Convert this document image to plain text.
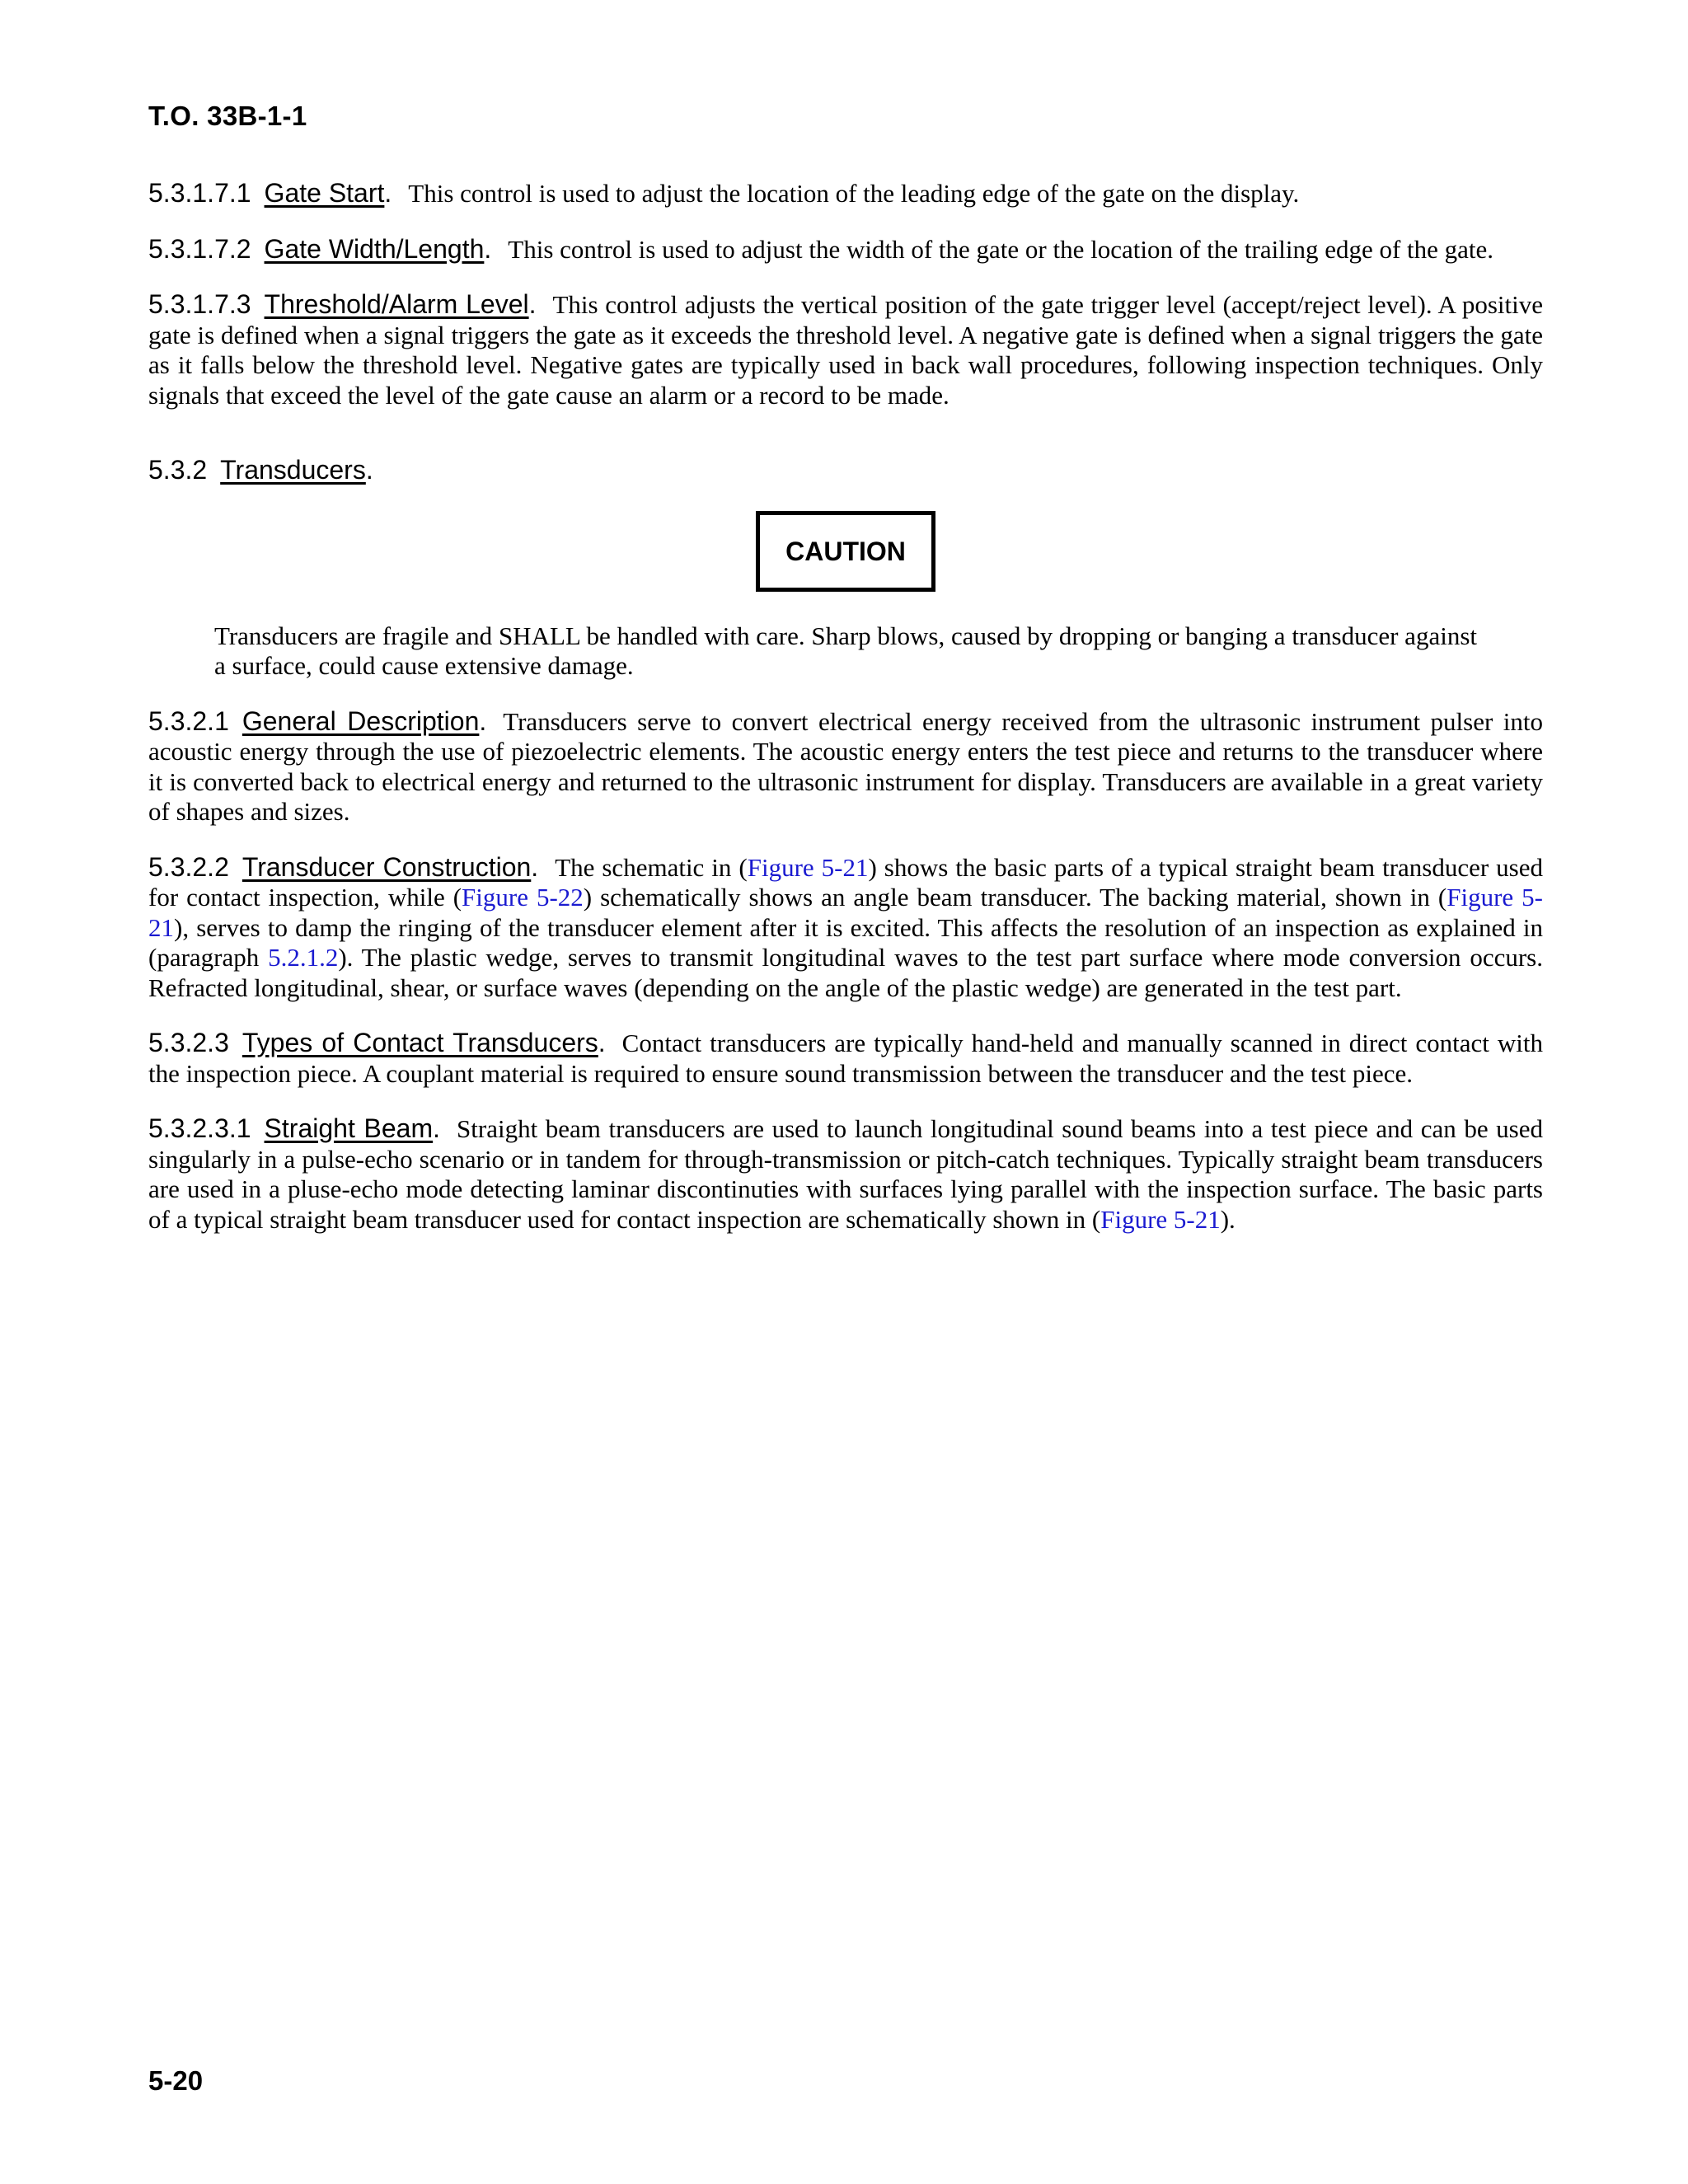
T.O. 33B-1-1

5.3.1.7.1 Gate Start. This control is used to adjust the location of the leading edge of the gate on the display.

5.3.1.7.2 Gate Width/Length. This control is used to adjust the width of the gate or the location of the trailing edge of the gate.

5.3.1.7.3 Threshold/Alarm Level. This control adjusts the vertical position of the gate trigger level (accept/reject level). A positive gate is defined when a signal triggers the gate as it exceeds the threshold level. A negative gate is defined when a signal triggers the gate as it falls below the threshold level. Negative gates are typically used in back wall procedures, following inspection techniques. Only signals that exceed the level of the gate cause an alarm or a record to be made.

5.3.2 Transducers.

CAUTION

Transducers are fragile and SHALL be handled with care. Sharp blows, caused by dropping or banging a transducer against a surface, could cause extensive damage.

5.3.2.1 General Description. Transducers serve to convert electrical energy received from the ultrasonic instrument pulser into acoustic energy through the use of piezoelectric elements. The acoustic energy enters the test piece and returns to the transducer where it is converted back to electrical energy and returned to the ultrasonic instrument for display. Transducers are available in a great variety of shapes and sizes.

5.3.2.2 Transducer Construction. The schematic in (Figure 5-21) shows the basic parts of a typical straight beam transducer used for contact inspection, while (Figure 5-22) schematically shows an angle beam transducer. The backing material, shown in (Figure 5-21), serves to damp the ringing of the transducer element after it is excited. This affects the resolution of an inspection as explained in (paragraph 5.2.1.2). The plastic wedge, serves to transmit longitudinal waves to the test part surface where mode conversion occurs. Refracted longitudinal, shear, or surface waves (depending on the angle of the plastic wedge) are generated in the test part.

5.3.2.3 Types of Contact Transducers. Contact transducers are typically hand-held and manually scanned in direct contact with the inspection piece. A couplant material is required to ensure sound transmission between the transducer and the test piece.

5.3.2.3.1 Straight Beam. Straight beam transducers are used to launch longitudinal sound beams into a test piece and can be used singularly in a pulse-echo scenario or in tandem for through-transmission or pitch-catch techniques. Typically straight beam transducers are used in a pluse-echo mode detecting laminar discontinuties with surfaces lying parallel with the inspection surface. The basic parts of a typical straight beam transducer used for contact inspection are schematically shown in (Figure 5-21).

5-20
